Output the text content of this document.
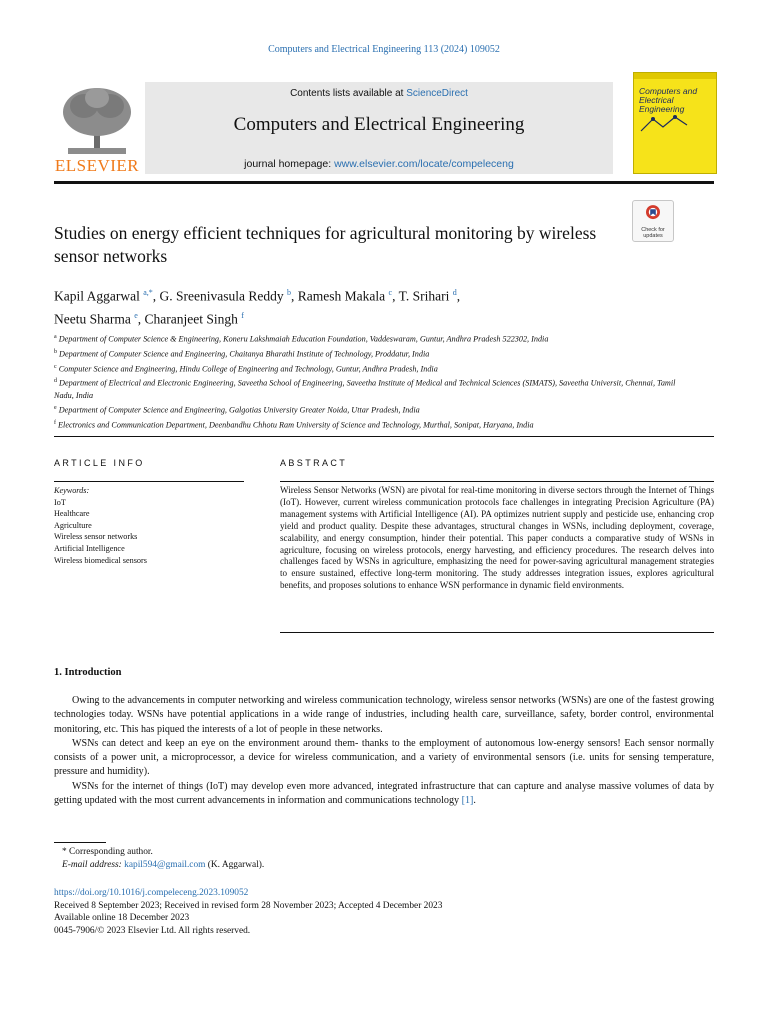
Computers and Electrical Engineering 113 (2024) 109052
ELSEVIER
Contents lists available at ScienceDirect
Computers and Electrical Engineering
journal homepage: www.elsevier.com/locate/compeleceng
Computers and
Electrical Engineering
Studies on energy efficient techniques for agricultural monitoring by wireless sensor networks
Check for updates
Kapil Aggarwal $^{a,*}$, G. Sreenivasula Reddy $^b$, Ramesh Makala $^c$, T. Srihari $^d$,
Neetu Sharma $^e$, Charanjeet Singh $^f$
$^a$ Department of Computer Science & Engineering, Koneru Lakshmaiah Education Foundation, Vaddeswaram, Guntur, Andhra Pradesh 522302, India
$^b$ Department of Computer Science and Engineering, Chaitanya Bharathi Institute of Technology, Proddatur, India
$^c$ Computer Science and Engineering, Hindu College of Engineering and Technology, Guntur, Andhra Pradesh, India
$^d$ Department of Electrical and Electronic Engineering, Saveetha School of Engineering, Saveetha Institute of Medical and Technical Sciences (SIMATS), Saveetha Universit, Chennai, Tamil Nadu, India
$^e$ Department of Computer Science and Engineering, Galgotias University Greater Noida, Uttar Pradesh, India
$^f$ Electronics and Communication Department, Deenbandhu Chhotu Ram University of Science and Technology, Murthal, Sonipat, Haryana, India
ARTICLE INFO
Keywords:
IoT
Healthcare
Agriculture
Wireless sensor networks
Artificial Intelligence
Wireless biomedical sensors
ABSTRACT
Wireless Sensor Networks (WSN) are pivotal for real-time monitoring in diverse sectors through the Internet of Things (IoT). However, current wireless communication protocols face challenges in integrating Precision Agriculture (PA) management systems with Artificial Intelligence (AI). PA optimizes nutrient supply and pesticide use, enhancing crop yield and product quality. Despite these advantages, structural changes in WSNs, including deployment, coverage, scalability, and energy consumption, hinder their potential. This paper conducts a comparative study of WSNs in agriculture, focusing on wireless protocols, energy harvesting, and efficiency procedures. The research delves into challenges faced by WSNs in agriculture, emphasizing the need for power-saving agricultural management strategies to ensure sustained, effective long-term monitoring. The study addresses integration issues, explores agricultural benefits, and proposes solutions to enhance WSN performance in dynamic field environments.
1. Introduction

Owing to the advancements in computer networking and wireless communication technology, wireless sensor networks (WSNs) are one of the fastest growing technologies today. WSNs have potential applications in a wide range of industries, including health care, surveillance, safety, border control, environmental monitoring, etc. This has piqued the interests of a lot of people in these networks.

WSNs can detect and keep an eye on the environment around them- thanks to the employment of autonomous low-energy sensors! Each sensor normally consists of a power unit, a microprocessor, a device for wireless communication, and a variety of environmental sensors (i.e. units for sensing temperature, pressure and humidity).

WSNs for the internet of things (IoT) may develop even more advanced, integrated infrastructure that can capture and analyse massive volumes of data by getting updated with the most current advancements in information and communications technology [1].

* Corresponding author.
E-mail address: kapil594@gmail.com (K. Aggarwal).
https://doi.org/10.1016/j.compeleceng.2023.109052
Received 8 September 2023; Received in revised form 28 November 2023; Accepted 4 December 2023
Available online 18 December 2023
0045-7906/© 2023 Elsevier Ltd. All rights reserved.
